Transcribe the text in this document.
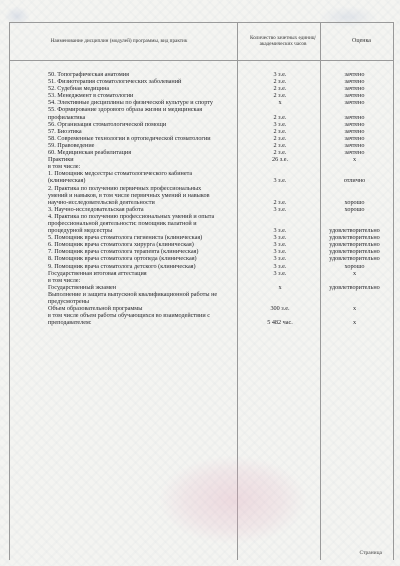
Наименование дисциплин (модулей) программы, вид практик
Количество зачетных единиц/ академических часов
Оценка
50. Топографическая анатомия	3 з.е.	зачтено
51. Физиотерапия стоматологических заболеваний	2 з.е.	зачтено
52. Судебная медицина	2 з.е.	зачтено
53. Менеджмент в стоматологии	2 з.е.	зачтено
54. Элективные дисциплины по физической культуре и спорту	х	зачтено
55. Формирование здорового образа жизни и медицинская
профилактика	2 з.е.	зачтено
56. Организация стоматологической помощи	3 з.е.	зачтено
57. Биоэтика	2 з.е.	зачтено
58. Современные технологии в ортопедической стоматологии	2 з.е.	зачтено
59. Правоведение	2 з.е.	зачтено
60. Медицинская реабилитация	2 з.е.	зачтено
Практики	26 з.е.	х
в том числе:
1. Помощник медсестры стоматологического кабинета
(клиническая)	3 з.е.	отлично
2. Практика по получению первичных профессиональных
умений и навыков, в том числе первичных умений и навыков
научно-исследовательской деятельности	2 з.е.	хорошо
3. Научно-исследовательская работа	3 з.е.	хорошо
4. Практика по получению профессиональных умений и опыта
профессиональной деятельности: помощник палатной и
процедурной медсестры	3 з.е.	удовлетворительно
5. Помощник врача стоматолога гигиениста (клиническая)	3 з.е.	удовлетворительно
6. Помощник врача стоматолога хирурга (клиническая)	3 з.е.	удовлетворительно
7. Помощник врача стоматолога терапевта (клиническая)	3 з.е.	удовлетворительно
8. Помощник врача стоматолога ортопеда (клиническая)	3 з.е.	удовлетворительно
9. Помощник врача стоматолога детского (клиническая)	3 з.е.	хорошо
Государственная итоговая аттестация	3 з.е.	х
в том числе:
Государственный экзамен	х	удовлетворительно
Выполнение и защита выпускной квалификационной работы не
предусмотрены
Объем образовательной программы	300 з.е.	х
в том числе объем работы обучающихся во взаимодействии с
преподавателем:	5 482 час.	х
Страница
